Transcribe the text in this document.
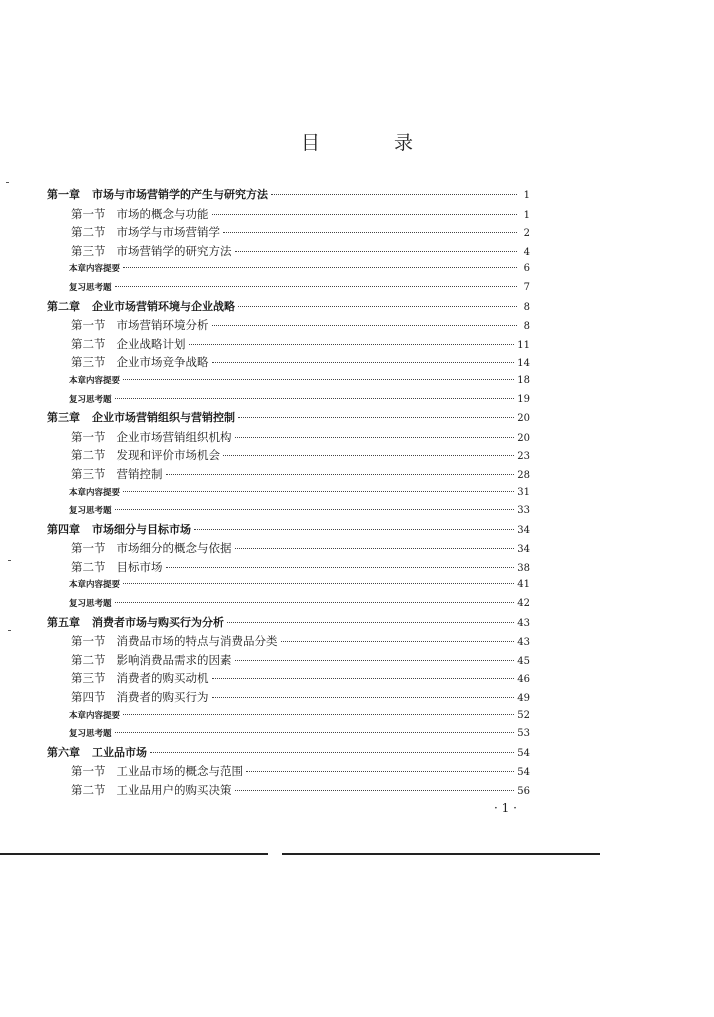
目 录
第一章 市场与市场营销学的产生与研究方法	1
第一节 市场的概念与功能	1
第二节 市场学与市场营销学	2
第三节 市场营销学的研究方法	4
本章内容提要	6
复习思考题	7
第二章 企业市场营销环境与企业战略	8
第一节 市场营销环境分析	8
第二节 企业战略计划	11
第三节 企业市场竞争战略	14
本章内容提要	18
复习思考题	19
第三章 企业市场营销组织与营销控制	20
第一节 企业市场营销组织机构	20
第二节 发现和评价市场机会	23
第三节 营销控制	28
本章内容提要	31
复习思考题	33
第四章 市场细分与目标市场	34
第一节 市场细分的概念与依据	34
第二节 目标市场	38
本章内容提要	41
复习思考题	42
第五章 消费者市场与购买行为分析	43
第一节 消费品市场的特点与消费品分类	43
第二节 影响消费品需求的因素	45
第三节 消费者的购买动机	46
第四节 消费者的购买行为	49
本章内容提要	52
复习思考题	53
第六章 工业品市场	54
第一节 工业品市场的概念与范围	54
第二节 工业品用户的购买决策	56
· 1 ·
